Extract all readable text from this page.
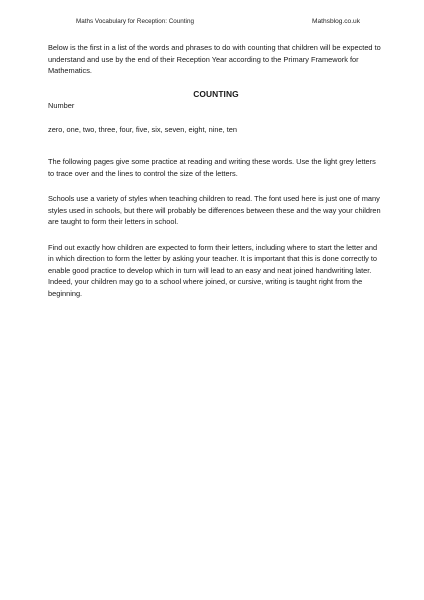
Maths Vocabulary for Reception: Counting	Mathsblog.co.uk

Below is the first in a list of the words and phrases to do with counting that children will be expected to understand and use by the end of their Reception Year according to the Primary Framework for Mathematics.

COUNTING

Number

zero, one, two, three, four, five, six, seven, eight, nine, ten

The following pages give some practice at reading and writing these words. Use the light grey letters to trace over and the lines to control the size of the letters.

Schools use a variety of styles when teaching children to read. The font used here is just one of many styles used in schools, but there will probably be differences between these and the way your children are taught to form their letters in school.

Find out exactly how children are expected to form their letters, including where to start the letter and in which direction to form the letter by asking your teacher. It is important that this is done correctly to enable good practice to develop which in turn will lead to an easy and neat joined handwriting later. Indeed, your children may go to a school where joined, or cursive, writing is taught right from the beginning.
